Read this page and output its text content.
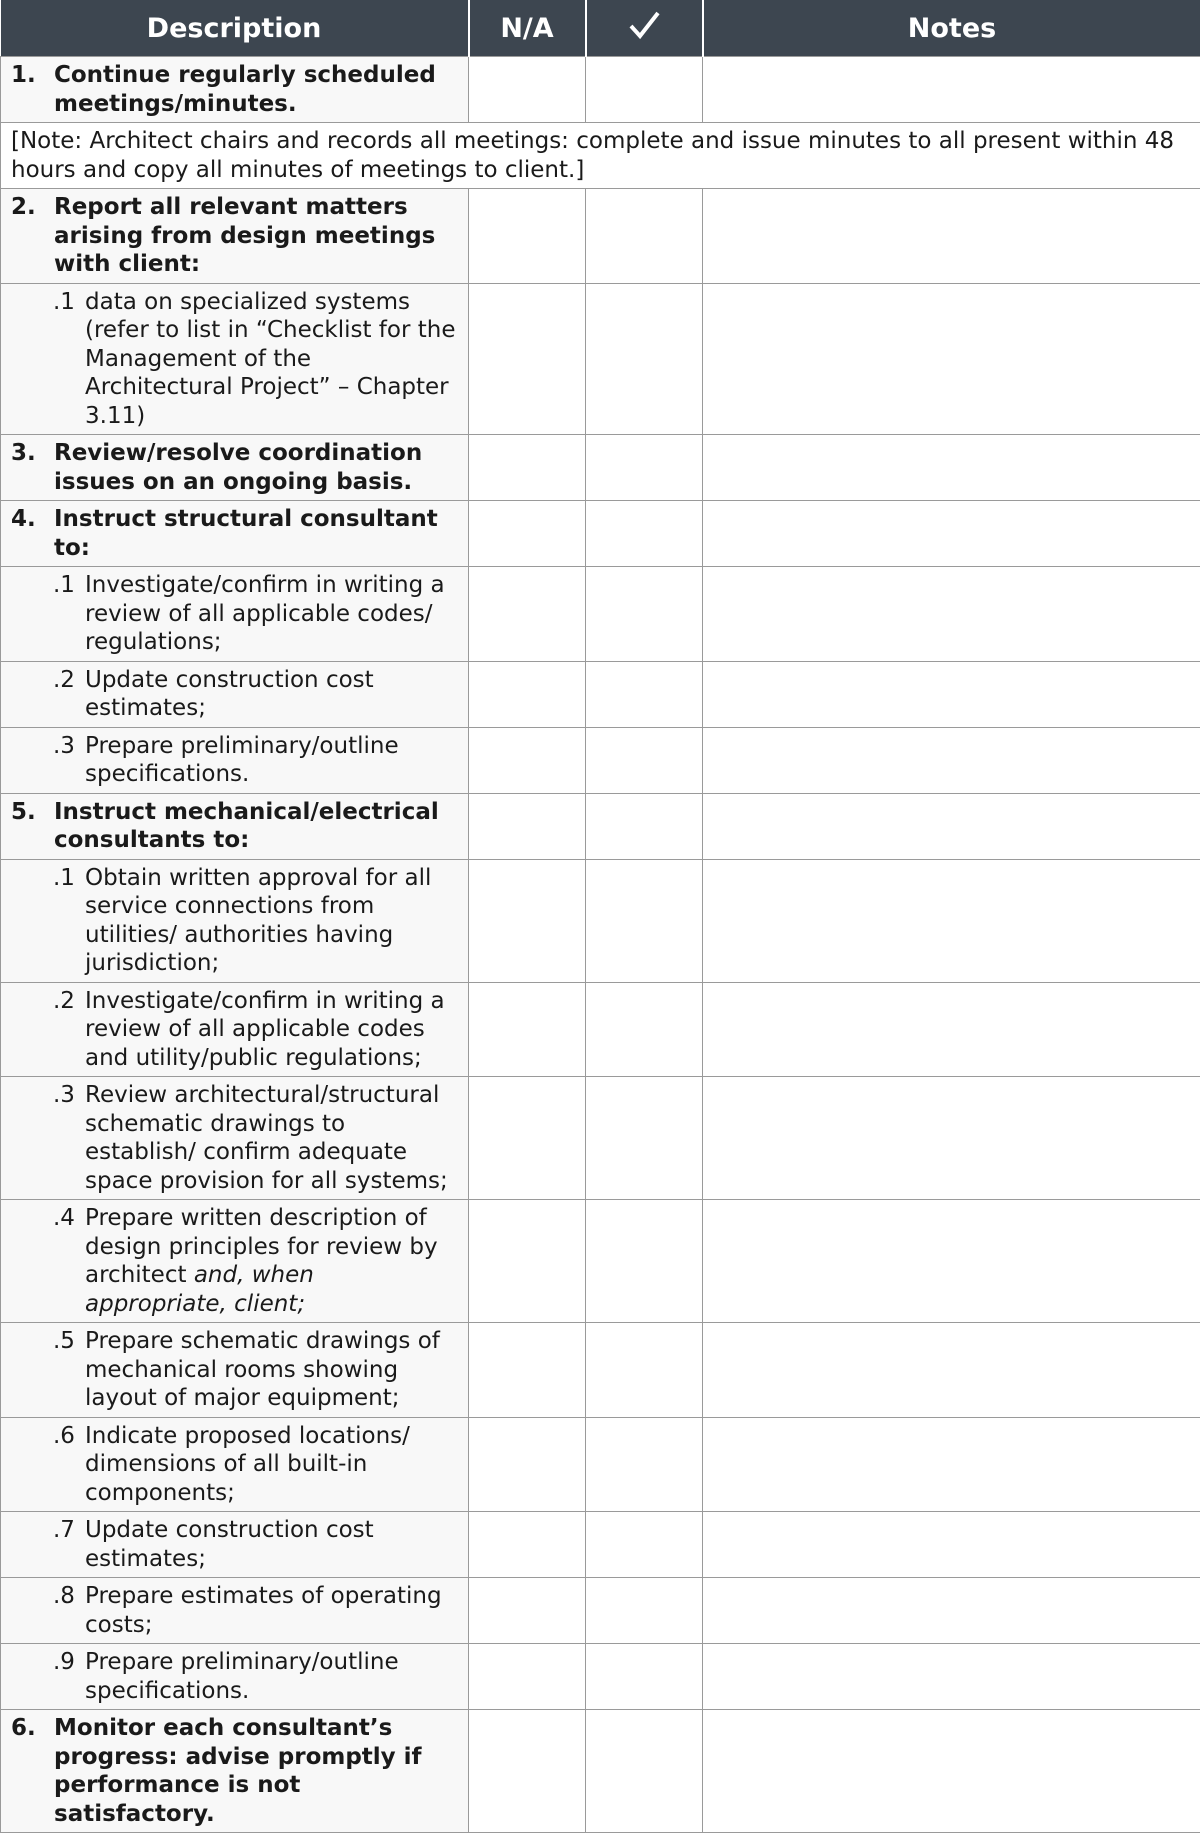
Description	N/A		Notes

1. Continue regularly scheduled meetings/minutes.			

[Note: Architect chairs and records all meetings: complete and issue minutes to all present within 48 hours and copy all minutes of meetings to client.]			

2. Report all relevant matters arising from design meetings with client:			

.1 data on specialized systems (refer to list in “Checklist for the Management of the Architectural Project” – Chapter 3.11)			

3. Review/resolve coordination issues on an ongoing basis.			

4. Instruct structural consultant to:			

.1 Investigate/confirm in writing a review of all applicable codes/ regulations;			

.2 Update construction cost estimates;			

.3 Prepare preliminary/outline specifications.			

5. Instruct mechanical/electrical consultants to:			

.1 Obtain written approval for all service connections from utilities/ authorities having jurisdiction;			

.2 Investigate/confirm in writing a review of all applicable codes and utility/public regulations;			

.3 Review architectural/structural schematic drawings to establish/ confirm adequate space provision for all systems;			

.4 Prepare written description of design principles for review by architect and, when appropriate, client;			

.5 Prepare schematic drawings of mechanical rooms showing layout of major equipment;			

.6 Indicate proposed locations/ dimensions of all built-in components;			

.7 Update construction cost estimates;			

.8 Prepare estimates of operating costs;			

.9 Prepare preliminary/outline specifications.			

6. Monitor each consultant’s progress: advise promptly if performance is not satisfactory.			
